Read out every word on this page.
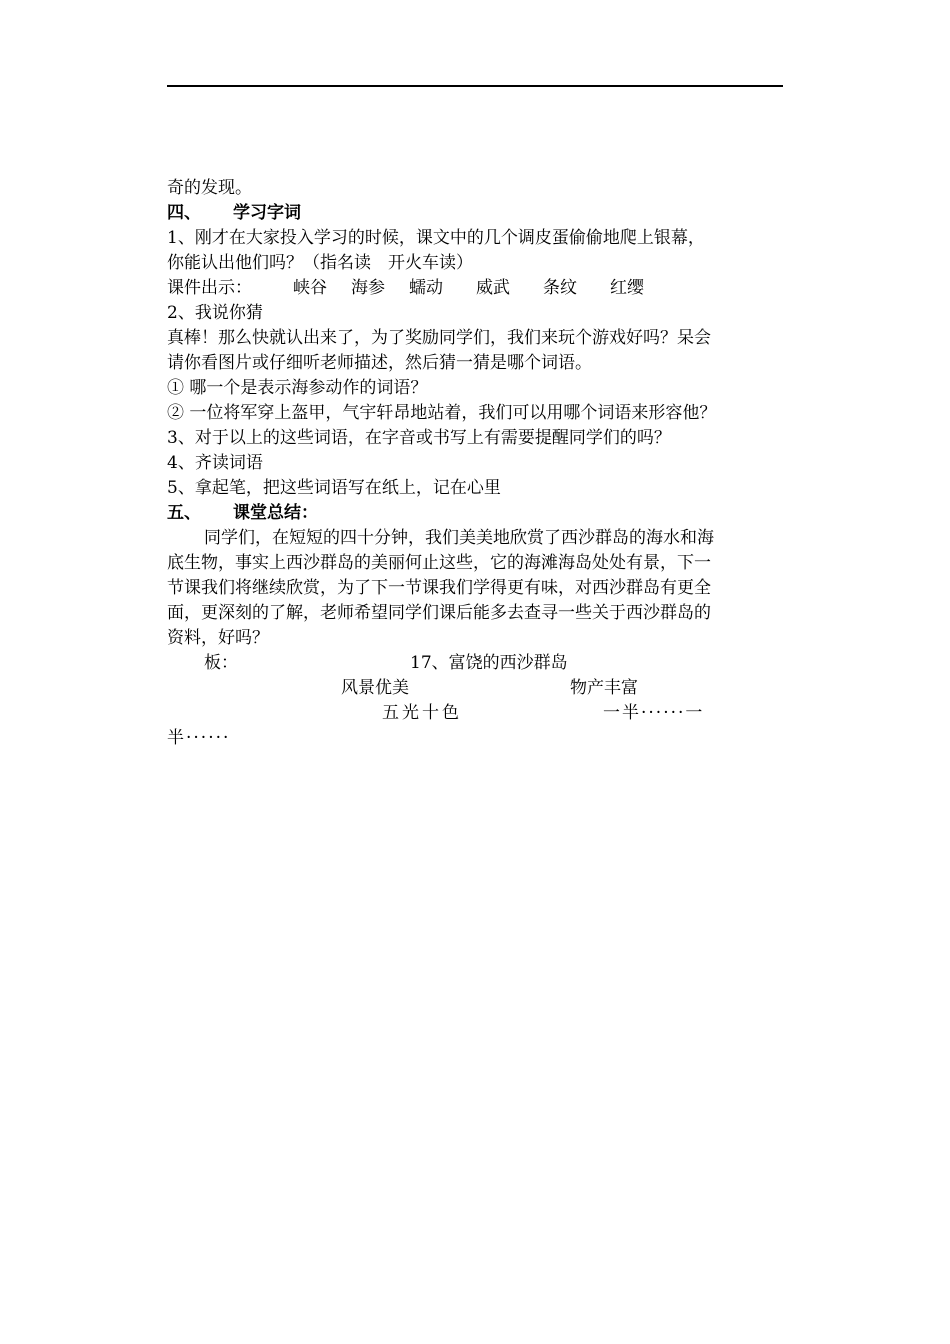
奇的发现。
四、 学习字词
1、刚才在大家投入学习的时候，课文中的几个调皮蛋偷偷地爬上银幕，
你能认出他们吗？（指名读　开火车读）
课件出示： 峡谷 海参 蠕动 威武 条纹 红缨
2、我说你猜
真棒！那么快就认出来了，为了奖励同学们，我们来玩个游戏好吗？呆会
请你看图片或仔细听老师描述，然后猜一猜是哪个词语。
① 哪一个是表示海参动作的词语？
② 一位将军穿上盔甲，气宇轩昂地站着，我们可以用哪个词语来形容他？
3、对于以上的这些词语，在字音或书写上有需要提醒同学们的吗？
4、齐读词语
5、拿起笔，把这些词语写在纸上，记在心里
五、 课堂总结：
同学们，在短短的四十分钟，我们美美地欣赏了西沙群岛的海水和海
底生物，事实上西沙群岛的美丽何止这些，它的海滩海岛处处有景，下一
节课我们将继续欣赏，为了下一节课我们学得更有味，对西沙群岛有更全
面，更深刻的了解，老师希望同学们课后能多去查寻一些关于西沙群岛的
资料，好吗？
板：	17、富饶的西沙群岛
风景优美	物产丰富
五光十色	一半······一
半······
